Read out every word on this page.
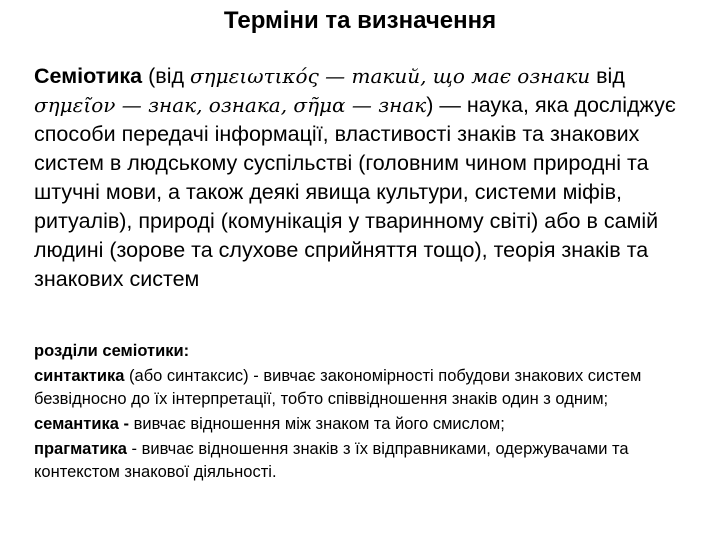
Терміни та визначення
Семіотика (від σημειωτικός — такий, що має ознаки від σημεῖον — знак, ознака, σῆμα — знак) — наука, яка досліджує способи передачі інформації, властивості знаків та знакових систем в людському суспільстві (головним чином природні та штучні мови, а також деякі явища культури, системи міфів, ритуалів), природі (комунікація у тваринному світі) або в самій людині (зорове та слухове сприйняття тощо), теорія знаків та знакових систем
розділи семіотики:
синтактика (або синтаксис) - вивчає закономірності побудови знакових систем безвідносно до їх інтерпретації, тобто співвідношення знаків один з одним;
семантика - вивчає відношення між знаком та його смислом;
прагматика - вивчає відношення знаків з їх відправниками, одержувачами та контекстом знакової діяльності.
